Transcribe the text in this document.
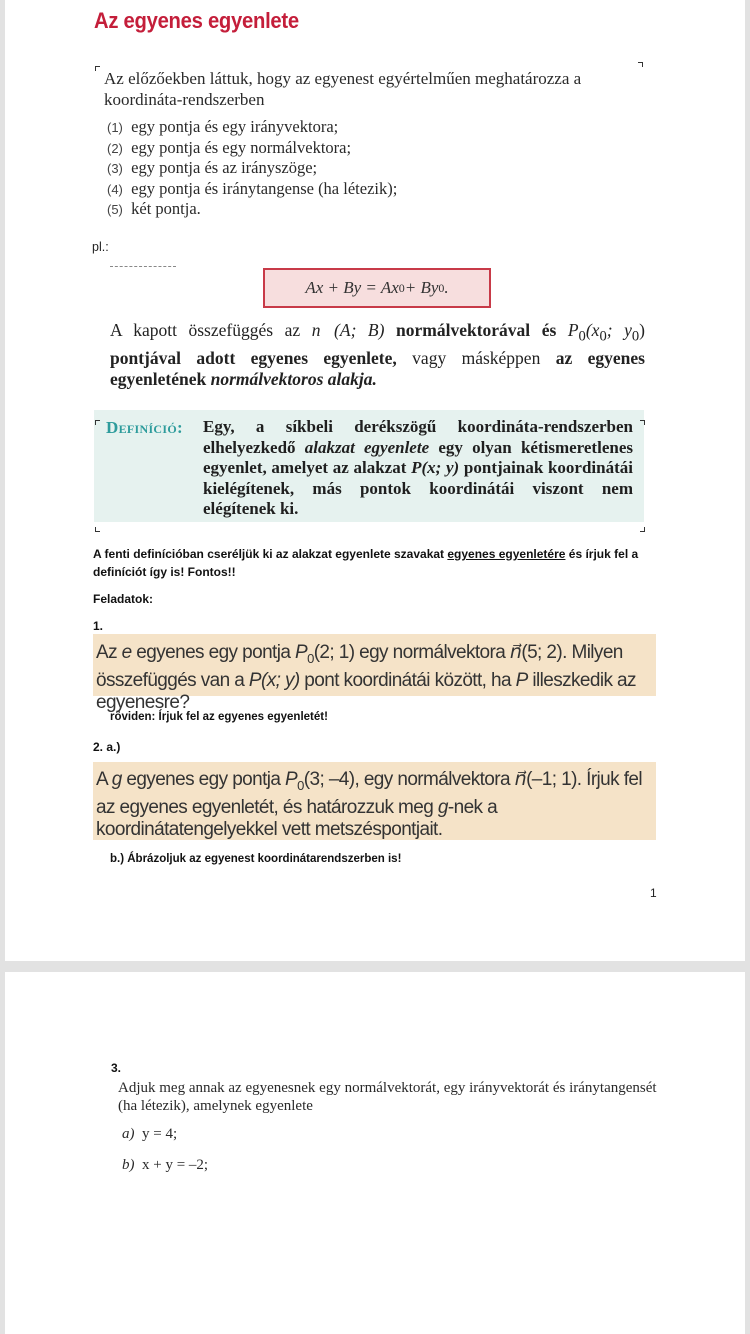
Az egyenes egyenlete
Az előzőekben láttuk, hogy az egyenest egyértelműen meghatározza a koordináta-rendszerben
(1) egy pontja és egy irányvektora;
(2) egy pontja és egy normálvektora;
(3) egy pontja és az irányszöge;
(4) egy pontja és iránytangense (ha létezik);
(5) két pontja.
pl.:
Ax + By = Ax 0 + By 0 .
A kapott összefüggés az n⃗(A; B) normálvektorával és $P_0(x_0$; $y_0$) pontjával adott egyenes egyenlete, vagy másképpen az egyenes egyenletének normálvektoros alakja.
Definíció: Egy, a síkbeli derékszögű koordináta-rendszerben elhelyezkedő alakzat egyenlete egy olyan kétismeretlenes egyenlet, amelyet az alakzat P(x; y) pontjainak koordinátái kielégítenek, más pontok koordinátái viszont nem elégítenek ki.
A fenti definícióban cseréljük ki az alakzat egyenlete szavakat egyenes egyenletére és írjuk fel a definíciót így is! Fontos!!
Feladatok:
1.
Az e egyenes egy pontja $P_0(2$; 1) egy normálvektora n⃗(5; 2). Milyen összefüggés van a P(x; y) pont koordinátái között, ha P illeszkedik az egyenesre?
röviden: Írjuk fel az egyenes egyenletét!
2. a.)
A g egyenes egy pontja $P_0(3$; –4), egy normálvektora n⃗(–1; 1). Írjuk fel az egyenes egyenletét, és határozzuk meg g-nek a koordinátatengelyekkel vett metszéspontjait.
b.) Ábrázoljuk az egyenest koordinátarendszerben is!
1
3.
Adjuk meg annak az egyenesnek egy normálvektorát, egy irányvektorát és iránytangensét (ha létezik), amelynek egyenlete
a) y = 4;
b) x + y = –2;
